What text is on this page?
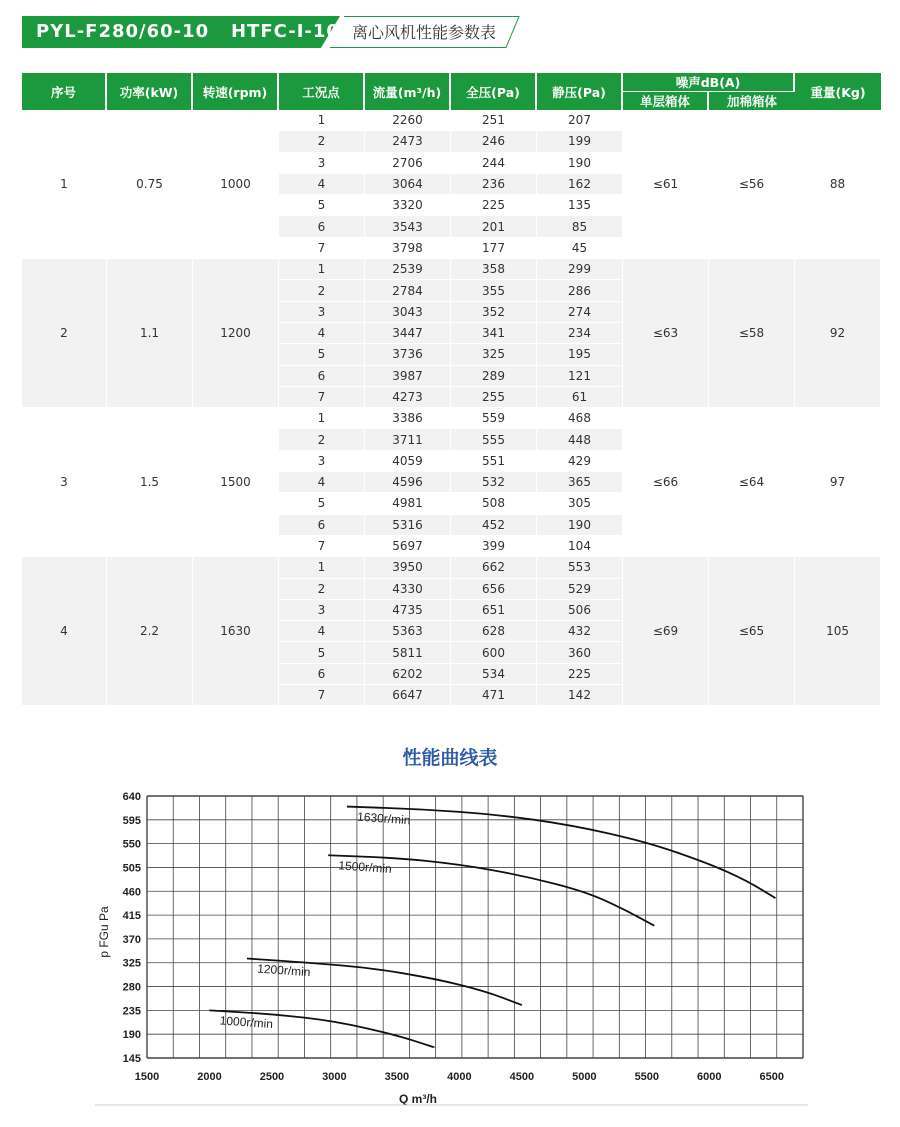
PYL-F280/60-10   HTFC-I-10 离心风机性能参数表
序号	功率(kW)	转速(rpm)	工况点	流量(m³/h)	全压(Pa)	静压(Pa)	噪声dB(A)		重量(Kg)
							单层箱体	加棉箱体	
1	0.75	1000	1	2260	251	207	≤61	≤56	88
			2	2473	246	199			
			3	2706	244	190			
			4	3064	236	162			
			5	3320	225	135			
			6	3543	201	85			
			7	3798	177	45			
2	1.1	1200	1	2539	358	299	≤63	≤58	92
			2	2784	355	286			
			3	3043	352	274			
			4	3447	341	234			
			5	3736	325	195			
			6	3987	289	121			
			7	4273	255	61			
3	1.5	1500	1	3386	559	468	≤66	≤64	97
			2	3711	555	448			
			3	4059	551	429			
			4	4596	532	365			
			5	4981	508	305			
			6	5316	452	190			
			7	5697	399	104			
4	2.2	1630	1	3950	662	553	≤69	≤65	105
			2	4330	656	529			
			3	4735	651	506			
			4	5363	628	432			
			5	5811	600	360			
			6	6202	534	225			
			7	6647	471	142			
性能曲线表
145
190
235
280
325
370
415
460
505
550
595
640
1500	2000	2500	3000	3500	4000	4500	5000	5500	6000	6500
Q m³/h
p FGu Pa
1000r/min
1200r/min
1500r/min
1630r/min
